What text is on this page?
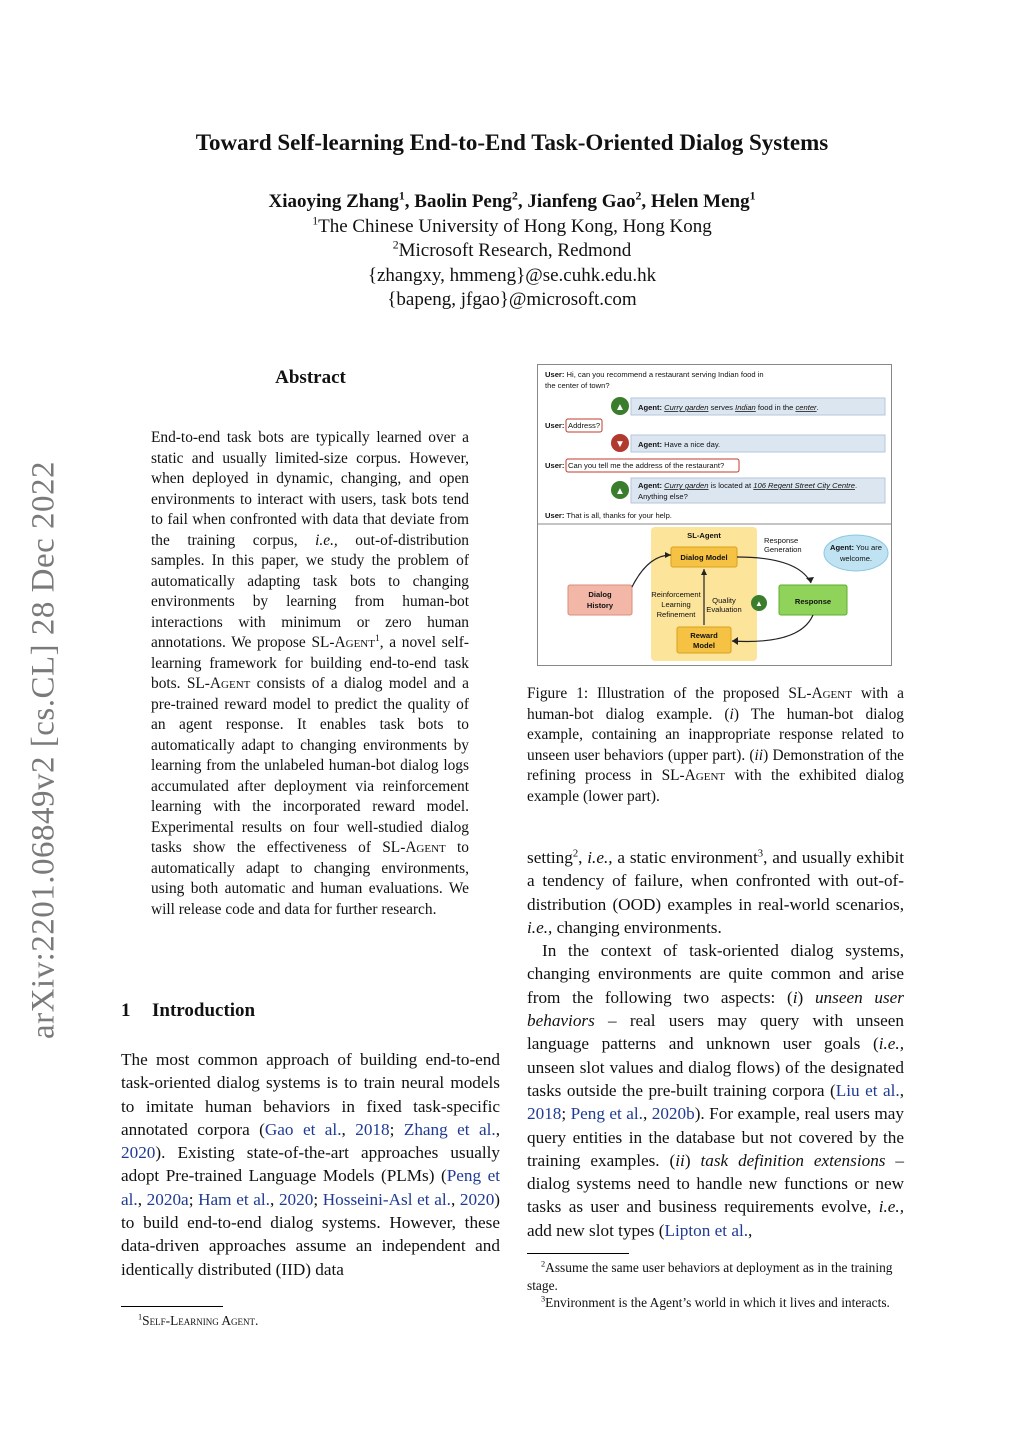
arXiv:2201.06849v2 [cs.CL] 28 Dec 2022
Toward Self-learning End-to-End Task-Oriented Dialog Systems
Xiaoying Zhang$^1$, Baolin Peng$^2$, Jianfeng Gao$^2$, Helen Meng$^1$
$^1$The Chinese University of Hong Kong, Hong Kong
$^2$Microsoft Research, Redmond
{zhangxy, hmmeng}@se.cuhk.edu.hk
{bapeng, jfgao}@microsoft.com
Abstract
End-to-end task bots are typically learned over a static and usually limited-size corpus. However, when deployed in dynamic, changing, and open environments to interact with users, task bots tend to fail when confronted with data that deviate from the training corpus, i.e., out-of-distribution samples. In this paper, we study the problem of automatically adapting task bots to changing environments by learning from human-bot interactions with minimum or zero human annotations. We propose SL-Agent$^1$, a novel self-learning framework for building end-to-end task bots. SL-Agent consists of a dialog model and a pre-trained reward model to predict the quality of an agent response. It enables task bots to automatically adapt to changing environments by learning from the unlabeled human-bot dialog logs accumulated after deployment via reinforcement learning with the incorporated reward model. Experimental results on four well-studied dialog tasks show the effectiveness of SL-Agent to automatically adapt to changing environments, using both automatic and human evaluations. We will release code and data for further research.
1 Introduction

The most common approach of building end-to-end task-oriented dialog systems is to train neural models to imitate human behaviors in fixed task-specific annotated corpora (Gao et al., 2018; Zhang et al., 2020). Existing state-of-the-art approaches usually adopt Pre-trained Language Models (PLMs) (Peng et al., 2020a; Ham et al., 2020; Hosseini-Asl et al., 2020) to build end-to-end dialog systems. However, these data-driven approaches assume an independent and identically distributed (IID) data

$^1$Self-Learning Agent.
User: Hi, can you recommend a restaurant serving Indian food in
the center of town?
▲ Agent: Curry garden serves Indian food in the center.
User: Address?
▼ Agent: Have a nice day.
User: Can you tell me the address of the restaurant?
▲
Agent: Curry garden is located at 106 Regent Street City Centre.
Anything else?
User: That is all, thanks for your help.
SL-Agent
Dialog Model
Reinforcement
Learning
Refinement
Quality
Evaluation
Reward
Model
Dialog
History	Response
▲
Response
Generation	Agent: You are
welcome.
Figure 1: Illustration of the proposed SL-Agent with a human-bot dialog example. (i) The human-bot dialog example, containing an inappropriate response related to unseen user behaviors (upper part). (ii) Demonstration of the refining process in SL-Agent with the exhibited dialog example (lower part).

setting$^2$, i.e., a static environment$^3$, and usually exhibit a tendency of failure, when confronted with out-of-distribution (OOD) examples in real-world scenarios, i.e., changing environments.

In the context of task-oriented dialog systems, changing environments are quite common and arise from the following two aspects: (i) unseen user behaviors – real users may query with unseen language patterns and unknown user goals (i.e., unseen slot values and dialog flows) of the designated tasks outside the pre-built training corpora (Liu et al., 2018; Peng et al., 2020b). For example, real users may query entities in the database but not covered by the training examples. (ii) task definition extensions – dialog systems need to handle new functions or new tasks as user and business requirements evolve, i.e., add new slot types (Lipton et al.,

$^2$Assume the same user behaviors at deployment as in the training stage.
$^3$Environment is the Agent’s world in which it lives and interacts.
